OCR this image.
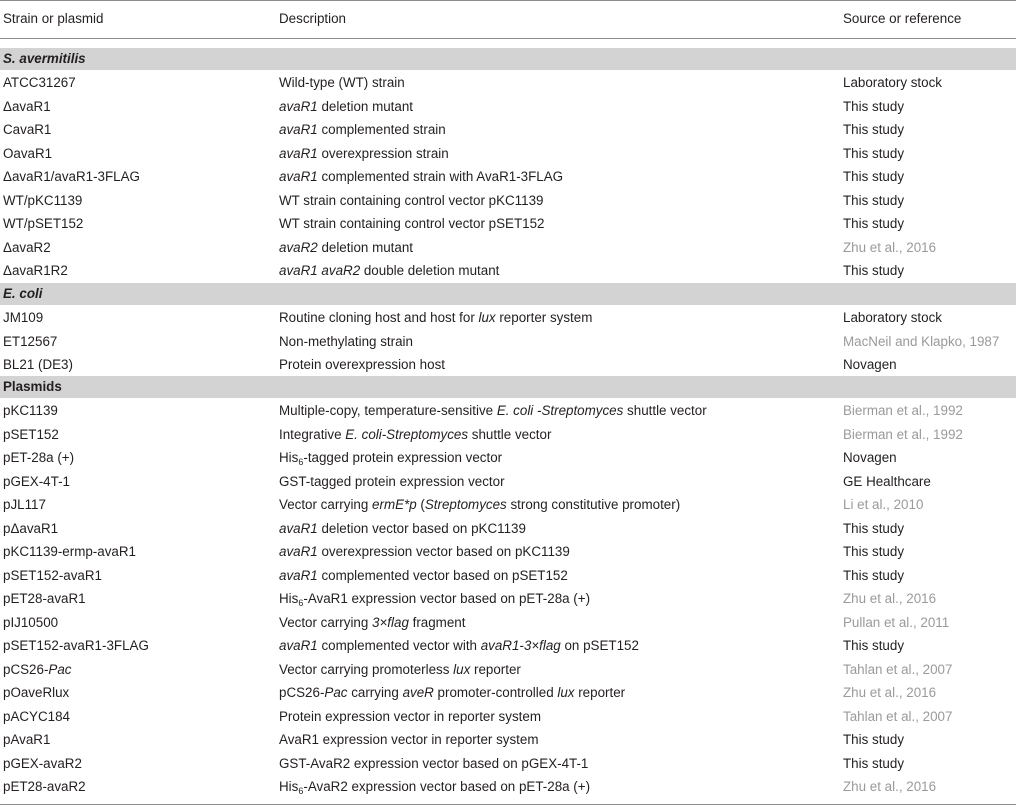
Strain or plasmid	Description	Source or reference
S. avermitilis
ATCC31267	Wild-type (WT) strain	Laboratory stock
ΔavaR1	avaR1 deletion mutant	This study
CavaR1	avaR1 complemented strain	This study
OavaR1	avaR1 overexpression strain	This study
ΔavaR1/avaR1-3FLAG	avaR1 complemented strain with AvaR1-3FLAG	This study
WT/pKC1139	WT strain containing control vector pKC1139	This study
WT/pSET152	WT strain containing control vector pSET152	This study
ΔavaR2	avaR2 deletion mutant	Zhu et al., 2016
ΔavaR1R2	avaR1 avaR2 double deletion mutant	This study
E. coli
JM109	Routine cloning host and host for lux reporter system	Laboratory stock
ET12567	Non-methylating strain	MacNeil and Klapko, 1987
BL21 (DE3)	Protein overexpression host	Novagen
Plasmids
pKC1139	Multiple-copy, temperature-sensitive E. coli -Streptomyces shuttle vector	Bierman et al., 1992
pSET152	Integrative E. coli-Streptomyces shuttle vector	Bierman et al., 1992
pET-28a (+)	His$_6$-tagged protein expression vector	Novagen
pGEX-4T-1	GST-tagged protein expression vector	GE Healthcare
pJL117	Vector carrying ermE*p (Streptomyces strong constitutive promoter)	Li et al., 2010
pΔavaR1	avaR1 deletion vector based on pKC1139	This study
pKC1139-ermp-avaR1	avaR1 overexpression vector based on pKC1139	This study
pSET152-avaR1	avaR1 complemented vector based on pSET152	This study
pET28-avaR1	His$_6$-AvaR1 expression vector based on pET-28a (+)	Zhu et al., 2016
pIJ10500	Vector carrying 3×flag fragment	Pullan et al., 2011
pSET152-avaR1-3FLAG	avaR1 complemented vector with avaR1-3×flag on pSET152	This study
pCS26-Pac	Vector carrying promoterless lux reporter	Tahlan et al., 2007
pOaveRlux	pCS26-Pac carrying aveR promoter-controlled lux reporter	Zhu et al., 2016
pACYC184	Protein expression vector in reporter system	Tahlan et al., 2007
pAvaR1	AvaR1 expression vector in reporter system	This study
pGEX-avaR2	GST-AvaR2 expression vector based on pGEX-4T-1	This study
pET28-avaR2	His$_6$-AvaR2 expression vector based on pET-28a (+)	Zhu et al., 2016
